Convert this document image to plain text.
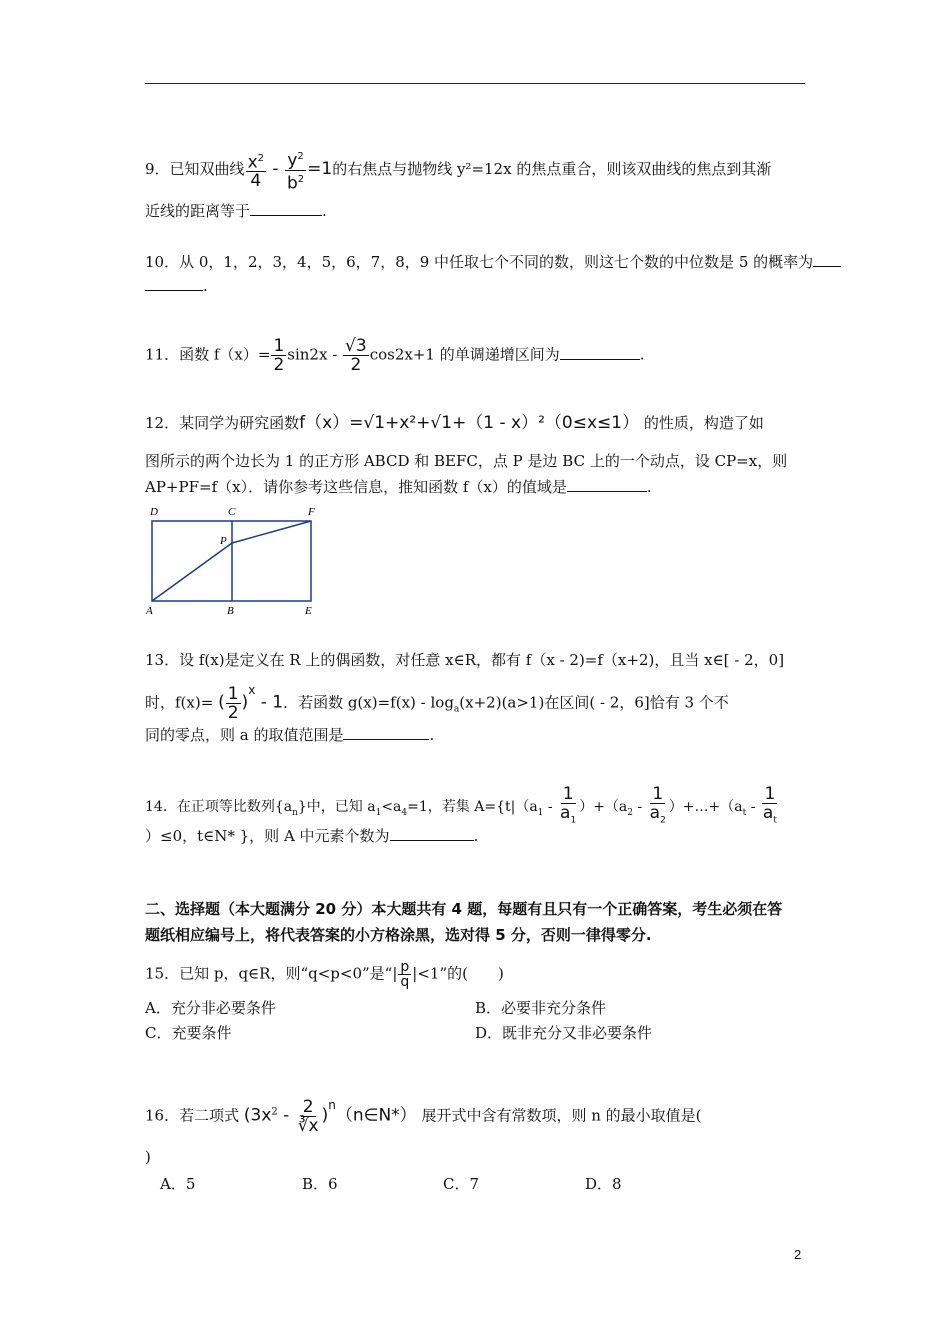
9．已知双曲线 $\frac{x^2}{4} - \frac{y^2}{b^2} =1$的右焦点与抛物线 y²=12x 的焦点重合，则该双曲线的焦点到其渐
近线的距离等于	.
10．从 0，1，2，3，4，5，6，7，8，9 中任取七个不同的数，则这七个数的中位数是 5 的概率为
.
11．函数 $f(x)= \frac{1}{2} \sin 2x - \frac{√3}{2} \cos 2x+1$ 的单调递增区间为	.
12．某同学为研究函数f（x）=√1+x²+√1+（1 - x）²（0≤x≤1） 的性质，构造了如
图所示的两个边长为 1 的正方形 ABCD 和 BEFC，点 P 是边 BC 上的一个动点，设 CP=x，则
AP+PF=f（x）．请你参考这些信息，推知函数 f（x）的值域是	.
D	C	F
P
A	B	E
13．设 f(x)是定义在 R 上的偶函数，对任意 x∈R，都有 f（x - 2)=f（x+2)，且当 x∈[ - 2，0]
时，f(x)= ( $\frac{1}{2} )^x - 1$．若函数 $g(x)=f(x) - \log_a(x+2)(a>1)$在区间( - 2，6]恰有 3 个不
同的零点，则 a 的取值范围是	.
14．在正项等比数列$\{a_n\}$中，已知 $a_1<a_4=1$，若集 $A=\{t|(a_1 - \frac{1}{a_1} )+(a_2 - \frac{1}{a_2}$ ）$+\dots+(a_t - \frac{1}{a_t}$
）≤0，t∈N* }，则 A 中元素个数为	.
二、选择题（本大题满分 20 分）本大题共有 4 题，每题有且只有一个正确答案，考生必须在答
题纸相应编号上，将代表答案的小方格涂黑，选对得 5 分，否则一律得零分.
15．已知 p，q∈R，则“q<p<0”是“| $\frac{p}{q} |<1$”的(　　)
A．充分非必要条件	B．必要非充分条件
C．充要条件	D．既非充分又非必要条件
16．若二项式 ($3x^2 - \frac{2}{∛x}$ )$^n$（n∈N*） 展开式中含有常数项，则 n 的最小取值是(
)
A．5	B．6	C．7	D．8
2
